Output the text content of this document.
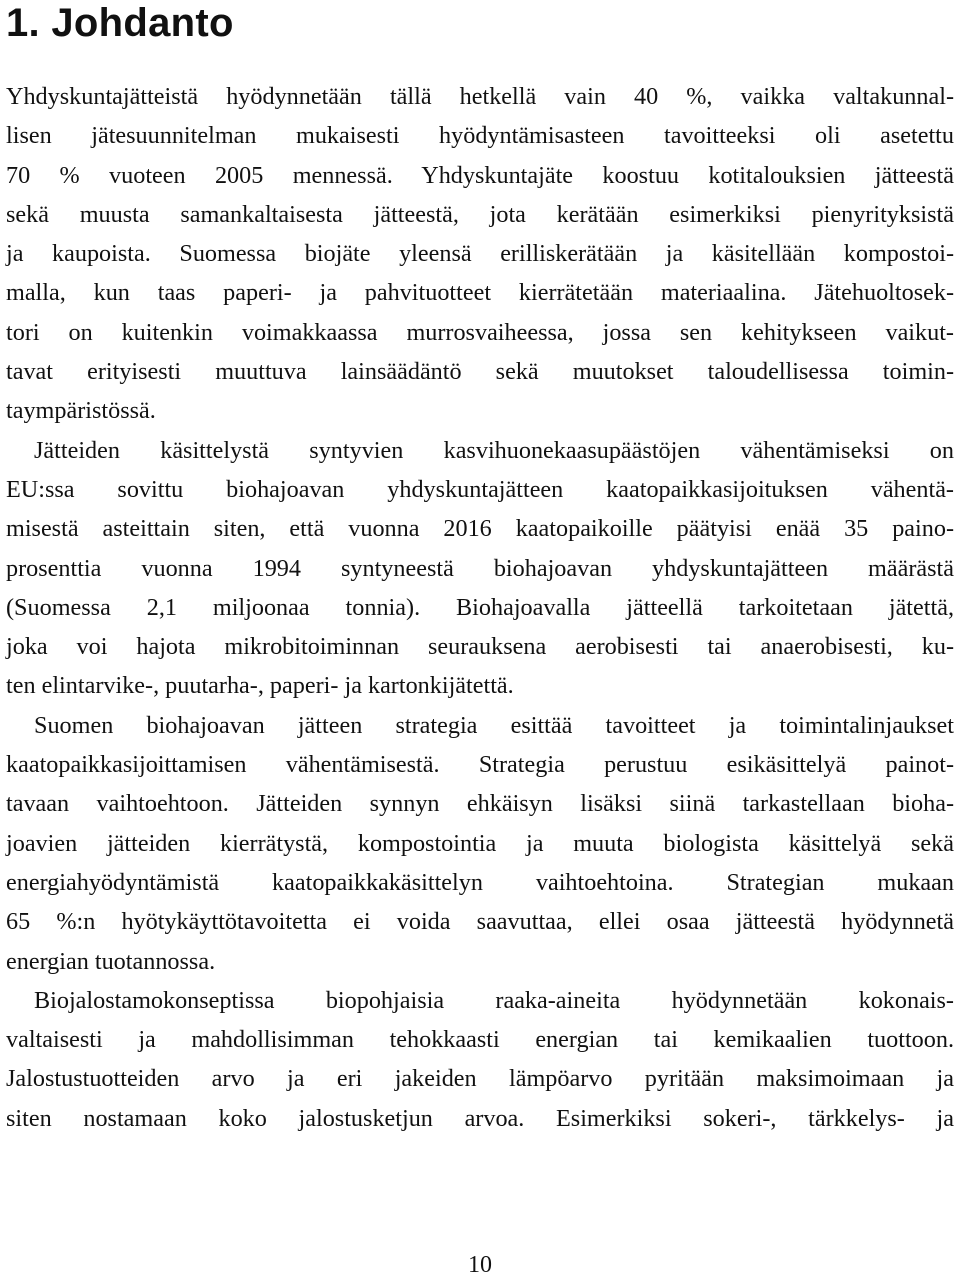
1. Johdanto
Yhdyskuntajätteistä hyödynnetään tällä hetkellä vain 40 %, vaikka valtakunnal-
lisen jätesuunnitelman mukaisesti hyödyntämisasteen tavoitteeksi oli asetettu
70 % vuoteen 2005 mennessä. Yhdyskuntajäte koostuu kotitalouksien jätteestä
sekä muusta samankaltaisesta jätteestä, jota kerätään esimerkiksi pienyrityksistä
ja kaupoista. Suomessa biojäte yleensä erilliskerätään ja käsitellään kompostoi-
malla, kun taas paperi- ja pahvituotteet kierrätetään materiaalina. Jätehuoltosek-
tori on kuitenkin voimakkaassa murrosvaiheessa, jossa sen kehitykseen vaikut-
tavat erityisesti muuttuva lainsäädäntö sekä muutokset taloudellisessa toimin-
taympäristössä.
Jätteiden käsittelystä syntyvien kasvihuonekaasupäästöjen vähentämiseksi on
EU:ssa sovittu biohajoavan yhdyskuntajätteen kaatopaikkasijoituksen vähentä-
misestä asteittain siten, että vuonna 2016 kaatopaikoille päätyisi enää 35 paino-
prosenttia vuonna 1994 syntyneestä biohajoavan yhdyskuntajätteen määrästä
(Suomessa 2,1 miljoonaa tonnia). Biohajoavalla jätteellä tarkoitetaan jätettä,
joka voi hajota mikrobitoiminnan seurauksena aerobisesti tai anaerobisesti, ku-
ten elintarvike-, puutarha-, paperi- ja kartonkijätettä.
Suomen biohajoavan jätteen strategia esittää tavoitteet ja toimintalinjaukset
kaatopaikkasijoittamisen vähentämisestä. Strategia perustuu esikäsittelyä painot-
tavaan vaihtoehtoon. Jätteiden synnyn ehkäisyn lisäksi siinä tarkastellaan bioha-
joavien jätteiden kierrätystä, kompostointia ja muuta biologista käsittelyä sekä
energiahyödyntämistä kaatopaikkakäsittelyn vaihtoehtoina. Strategian mukaan
65 %:n hyötykäyttötavoitetta ei voida saavuttaa, ellei osaa jätteestä hyödynnetä
energian tuotannossa.
Biojalostamokonseptissa biopohjaisia raaka-aineita hyödynnetään kokonais-
valtaisesti ja mahdollisimman tehokkaasti energian tai kemikaalien tuottoon.
Jalostustuotteiden arvo ja eri jakeiden lämpöarvo pyritään maksimoimaan ja
siten nostamaan koko jalostusketjun arvoa. Esimerkiksi sokeri-, tärkkelys- ja
10
